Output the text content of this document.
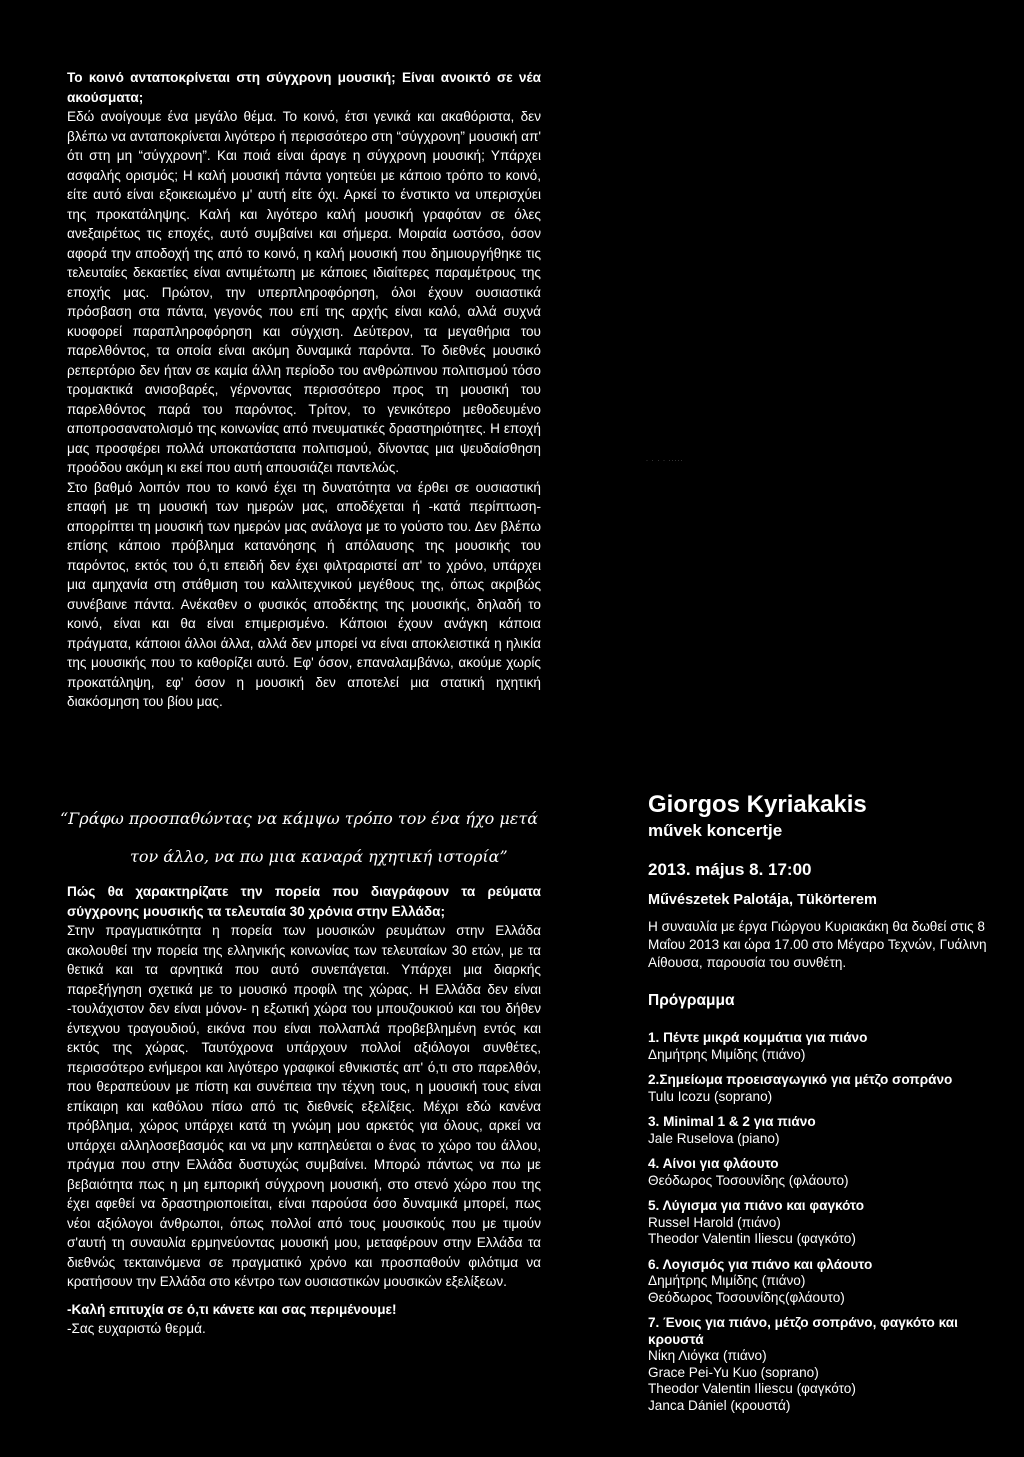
Το κοινό ανταποκρίνεται στη σύγχρονη μουσική; Είναι ανοικτό σε νέα ακούσματα;

Εδώ ανοίγουμε ένα μεγάλο θέμα. Το κοινό, έτσι γενικά και ακαθόριστα, δεν βλέπω να ανταποκρίνεται λιγότερο ή περισσότερο στη “σύγχρονη” μουσική απ' ότι στη μη “σύγχρονη”. Και ποιά είναι άραγε η σύγχρονη μουσική; Υπάρχει ασφαλής ορισμός; Η καλή μουσική πάντα γοητεύει με κάποιο τρόπο το κοινό, είτε αυτό είναι εξοικειωμένο μ' αυτή είτε όχι. Αρκεί το ένστικτο να υπερισχύει της προκατάληψης. Καλή και λιγότερο καλή μουσική γραφόταν σε όλες ανεξαιρέτως τις εποχές, αυτό συμβαίνει και σήμερα. Μοιραία ωστόσο, όσον αφορά την αποδοχή της από το κοινό, η καλή μουσική που δημιουργήθηκε τις τελευταίες δεκαετίες είναι αντιμέτωπη με κάποιες ιδιαίτερες παραμέτρους της εποχής μας. Πρώτον, την υπερπληροφόρηση, όλοι έχουν ουσιαστικά πρόσβαση στα πάντα, γεγονός που επί της αρχής είναι καλό, αλλά συχνά κυοφορεί παραπληροφόρηση και σύγχιση. Δεύτερον, τα μεγαθήρια του παρελθόντος, τα οποία είναι ακόμη δυναμικά παρόντα. Το διεθνές μουσικό ρεπερτόριο δεν ήταν σε καμία άλλη περίοδο του ανθρώπινου πολιτισμού τόσο τρομακτικά ανισοβαρές, γέρνοντας περισσότερο προς τη μουσική του παρελθόντος παρά του παρόντος. Τρίτον, το γενικότερο μεθοδευμένο αποπροσανατολισμό της κοινωνίας από πνευματικές δραστηριότητες. Η εποχή μας προσφέρει πολλά υποκατάστατα πολιτισμού, δίνοντας μια ψευδαίσθηση προόδου ακόμη κι εκεί που αυτή απουσιάζει παντελώς.

Στο βαθμό λοιπόν που το κοινό έχει τη δυνατότητα να έρθει σε ουσιαστική επαφή με τη μουσική των ημερών μας, αποδέχεται ή -κατά περίπτωση- απορρίπτει τη μουσική των ημερών μας ανάλογα με το γούστο του. Δεν βλέπω επίσης κάποιο πρόβλημα κατανόησης ή απόλαυσης της μουσικής του παρόντος, εκτός του ό,τι επειδή δεν έχει φιλτραριστεί απ' το χρόνο, υπάρχει μια αμηχανία στη στάθμιση του καλλιτεχνικού μεγέθους της, όπως ακριβώς συνέβαινε πάντα. Ανέκαθεν ο φυσικός αποδέκτης της μουσικής, δηλαδή το κοινό, είναι και θα είναι επιμερισμένο. Κάποιοι έχουν ανάγκη κάποια πράγματα, κάποιοι άλλοι άλλα, αλλά δεν μπορεί να είναι αποκλειστικά η ηλικία της μουσικής που το καθορίζει αυτό. Εφ' όσον, επαναλαμβάνω, ακούμε χωρίς προκατάληψη, εφ' όσον η μουσική δεν αποτελεί μια στατική ηχητική διακόσμηση του βίου μας.

· · · · ·····
“Γράφω προσπαθώντας να κάμψω τρόπο τον ένα ήχο μετά
τον άλλο, να πω μια καναρά ηχητική ιστορία”

Πώς θα χαρακτηρίζατε την πορεία που διαγράφουν τα ρεύματα σύγχρονης μουσικής τα τελευταία 30 χρόνια στην Ελλάδα;

Στην πραγματικότητα η πορεία των μουσικών ρευμάτων στην Ελλάδα ακολουθεί την πορεία της ελληνικής κοινωνίας των τελευταίων 30 ετών, με τα θετικά και τα αρνητικά που αυτό συνεπάγεται. Υπάρχει μια διαρκής παρεξήγηση σχετικά με το μουσικό προφίλ της χώρας. Η Ελλάδα δεν είναι -τουλάχιστον δεν είναι μόνον- η εξωτική χώρα του μπουζουκιού και του δήθεν έντεχνου τραγουδιού, εικόνα που είναι πολλαπλά προβεβλημένη εντός και εκτός της χώρας. Ταυτόχρονα υπάρχουν πολλοί αξιόλογοι συνθέτες, περισσότερο ενήμεροι και λιγότερο γραφικοί εθνικιστές απ' ό,τι στο παρελθόν, που θεραπεύουν με πίστη και συνέπεια την τέχνη τους, η μουσική τους είναι επίκαιρη και καθόλου πίσω από τις διεθνείς εξελίξεις. Μέχρι εδώ κανένα πρόβλημα, χώρος υπάρχει κατά τη γνώμη μου αρκετός για όλους, αρκεί να υπάρχει αλληλοσεβασμός και να μην καπηλεύεται ο ένας το χώρο του άλλου, πράγμα που στην Ελλάδα δυστυχώς συμβαίνει. Μπορώ πάντως να πω με βεβαιότητα πως η μη εμπορική σύγχρονη μουσική, στο στενό χώρο που της έχει αφεθεί να δραστηριοποιείται, είναι παρούσα όσο δυναμικά μπορεί, πως νέοι αξιόλογοι άνθρωποι, όπως πολλοί από τους μουσικούς που με τιμούν σ'αυτή τη συναυλία ερμηνεύοντας μουσική μου, μεταφέρουν στην Ελλάδα τα διεθνώς τεκταινόμενα σε πραγματικό χρόνο και προσπαθούν φιλότιμα να κρατήσουν την Ελλάδα στο κέντρο των ουσιαστικών μουσικών εξελίξεων.

-Καλή επιτυχία σε ό,τι κάνετε και σας περιμένουμε!

-Σας ευχαριστώ θερμά.

Giorgos Kyriakakis
művek koncertje
2013. május 8. 17:00
Művészetek Palotája, Tükörterem
Η συναυλία με έργα Γιώργου Κυριακάκη θα δωθεί στις 8 Μαΐου 2013 και ώρα 17.00 στο Μέγαρο Τεχνών, Γυάλινη Αίθουσα, παρουσία του συνθέτη.
Πρόγραμμα
1. Πέντε μικρά κομμάτια για πιάνο
Δημήτρης Μιμίδης (πιάνο)
2.Σημείωμα προεισαγωγικό για μέτζο σοπράνο
Tulu Icozu (soprano)
3. Minimal 1 & 2 για πιάνο
Jale Ruselova (piano)
4. Αίνοι για φλάουτο
Θεόδωρος Τοσουνίδης (φλάουτο)
5. Λύγισμα για πιάνο και φαγκότο
Russel Harold (πιάνο)
Theodor Valentin Iliescu (φαγκότο)
6. Λογισμός για πιάνο και φλάουτο
Δημήτρης Μιμίδης (πιάνο)
Θεόδωρος Τοσουνίδης(φλάουτο)
7. Ένοις για πιάνο, μέτζο σοπράνο, φαγκότο και κρουστά
Νίκη Λιόγκα (πιάνο)
Grace Pei-Yu Kuo (soprano)
Theodor Valentin Iliescu (φαγκότο)
Janca Dániel (κρουστά)
